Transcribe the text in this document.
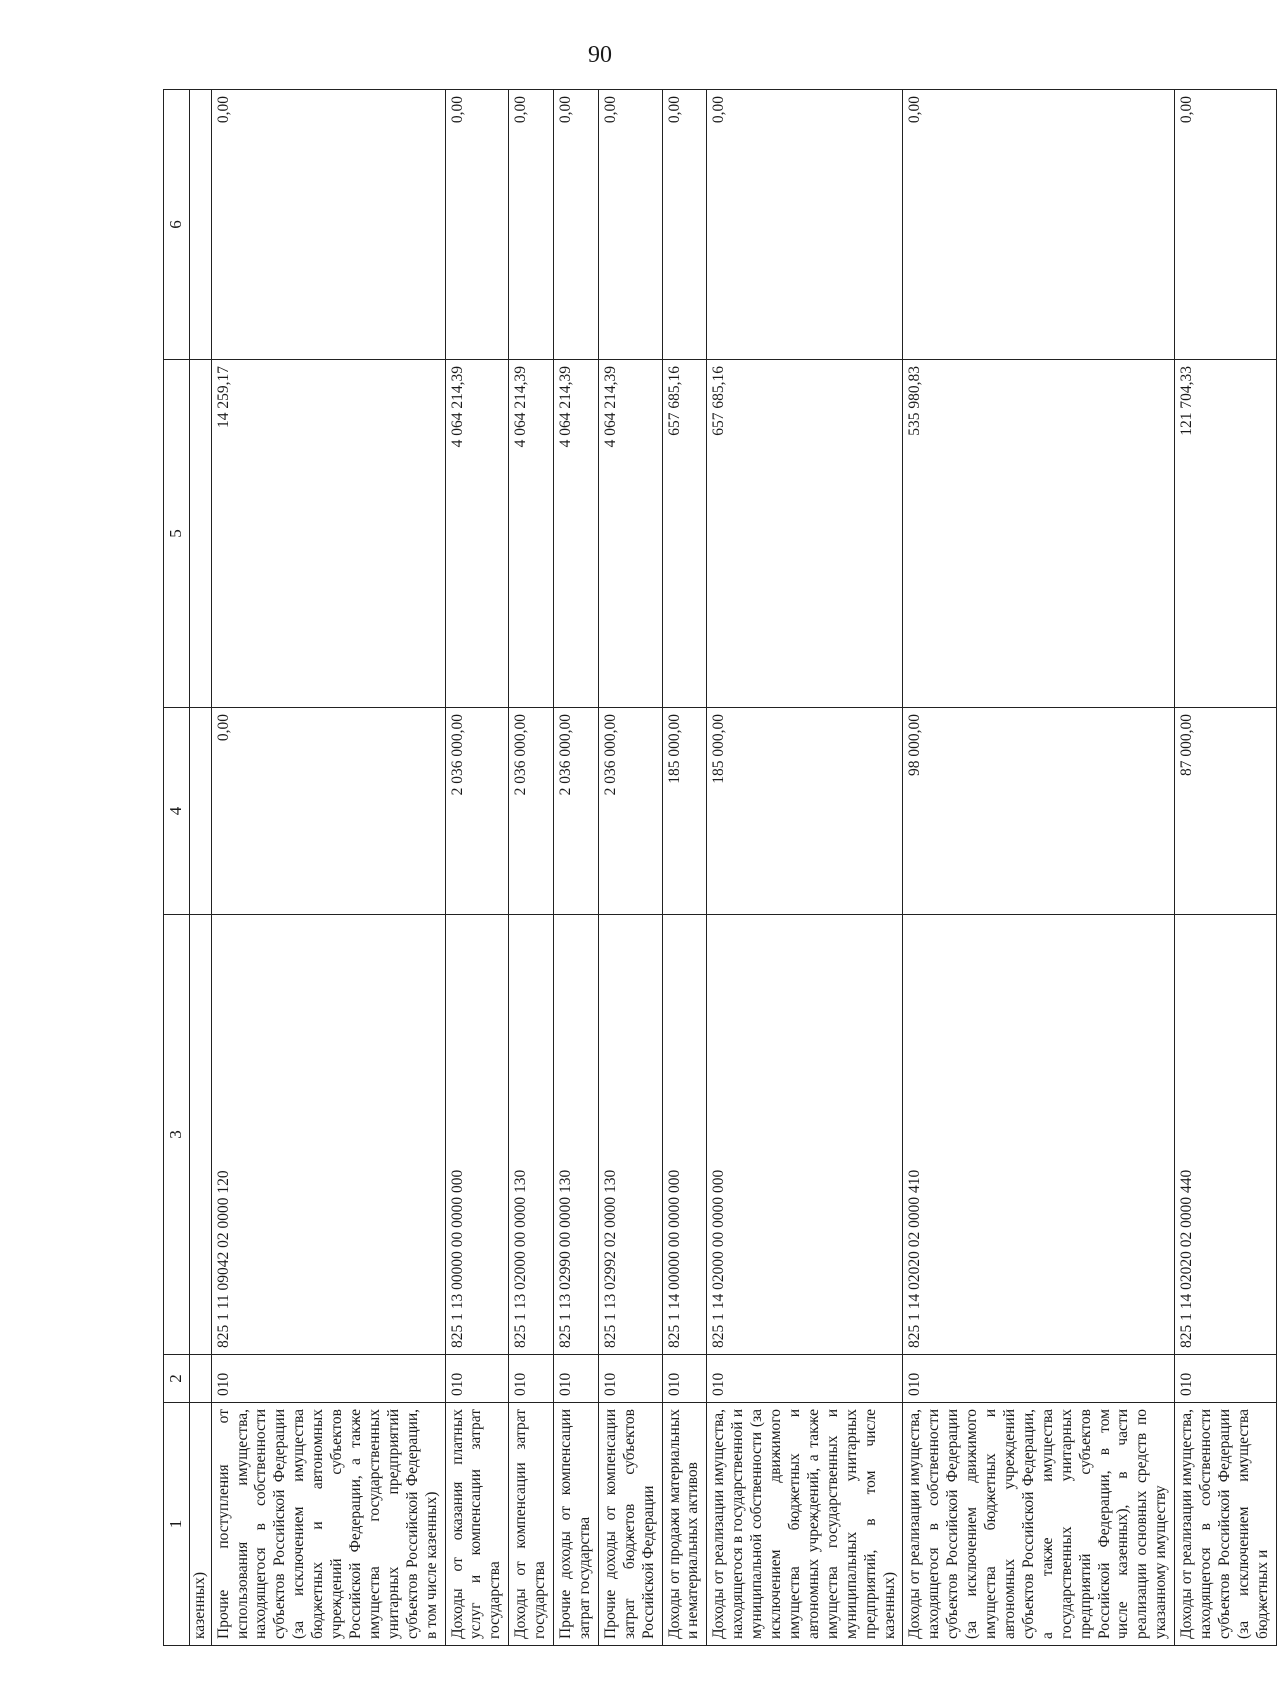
90
1	2	3	4	5	6
казенных)					
Прочие поступления от использования имущества, находящегося в собственности субъектов Российской Федерации (за исключением имущества бюджетных и автономных учреждений субъектов Российской Федерации, а также имущества государственных унитарных предприятий субъектов Российской Федерации, в том числе казенных)	010	825 1 11 09042 02 0000 120	0,00	14 259,17	0,00
Доходы от оказания платных услуг и компенсации затрат государства	010	825 1 13 00000 00 0000 000	2 036 000,00	4 064 214,39	0,00
Доходы от компенсации затрат государства	010	825 1 13 02000 00 0000 130	2 036 000,00	4 064 214,39	0,00
Прочие доходы от компенсации затрат государства	010	825 1 13 02990 00 0000 130	2 036 000,00	4 064 214,39	0,00
Прочие доходы от компенсации затрат бюджетов субъектов Российской Федерации	010	825 1 13 02992 02 0000 130	2 036 000,00	4 064 214,39	0,00
Доходы от продажи материальных и нематериальных активов	010	825 1 14 00000 00 0000 000	185 000,00	657 685,16	0,00
Доходы от реализации имущества, находящегося в государственной и муниципальной собственности (за исключением движимого имущества бюджетных и автономных учреждений, а также имущества государственных и муниципальных унитарных предприятий, в том числе казенных)	010	825 1 14 02000 00 0000 000	185 000,00	657 685,16	0,00
Доходы от реализации имущества, находящегося в собственности субъектов Российской Федерации (за исключением движимого имущества бюджетных и автономных учреждений субъектов Российской Федерации, а также имущества государственных унитарных предприятий субъектов Российской Федерации, в том числе казенных), в части реализации основных средств по указанному имуществу	010	825 1 14 02020 02 0000 410	98 000,00	535 980,83	0,00
Доходы от реализации имущества, находящегося в собственности субъектов Российской Федерации (за исключением имущества бюджетных и	010	825 1 14 02020 02 0000 440	87 000,00	121 704,33	0,00
